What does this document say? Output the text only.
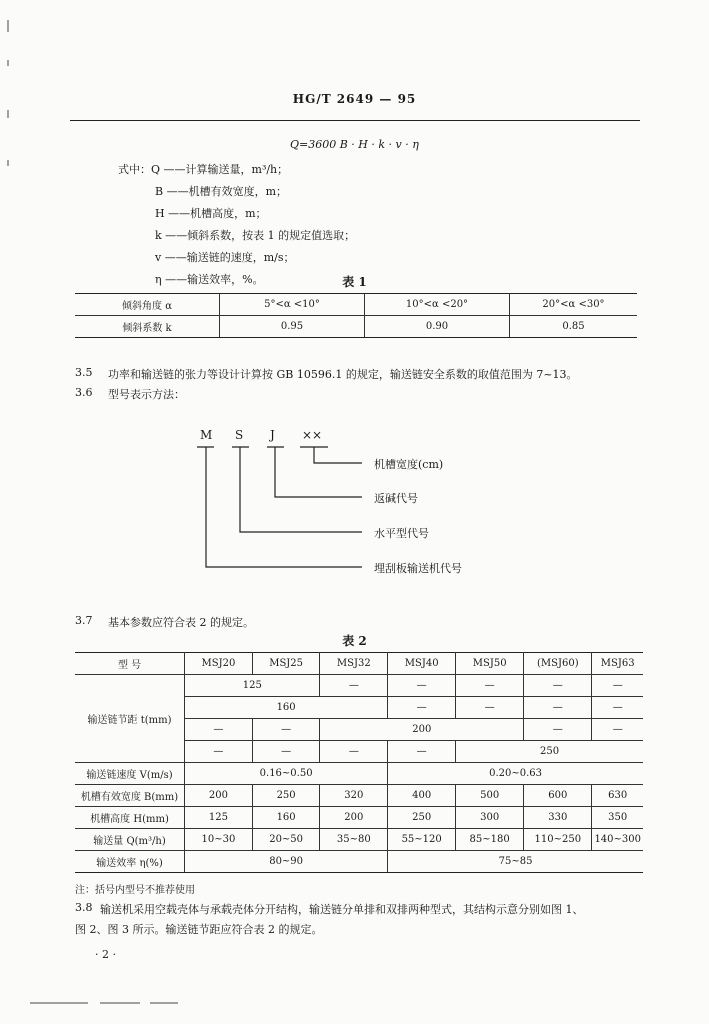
HG/T 2649 — 95
Q=3600 B · H · k · v · η
式中：Q ——计算输送量，m³/h；
B ——机槽有效宽度，m；
H ——机槽高度，m；
k ——倾斜系数，按表 1 的规定值选取；
v ——输送链的速度，m/s；
η ——输送效率，%。	表 1
倾斜角度 α	5°<α <10°	10°<α <20°	20°<α <30°
倾斜系数 k	0.95	0.90	0.85
3.5 功率和输送链的张力等设计计算按 GB 10596.1 的规定，输送链安全系数的取值范围为 7~13。
3.6 型号表示方法：
M S J ××
机槽宽度(cm)
返碱代号
水平型代号
埋刮板输送机代号
3.7 基本参数应符合表 2 的规定。
表 2
型 号	MSJ20	MSJ25	MSJ32	MSJ40	MSJ50	(MSJ60)	MSJ63
输送链节距 t(mm)	125		—	—	—	—	—
	160			—	—	—	—
	—	—	200			—	—
	—	—	—	—	250		
输送链速度 V(m/s)	0.16~0.50			0.20~0.63			
机槽有效宽度 B(mm)	200	250	320	400	500	600	630
机槽高度 H(mm)	125	160	200	250	300	330	350
输送量 Q(m³/h)	10~30	20~50	35~80	55~120	85~180	110~250	140~300
输送效率 η(%)	80~90			75~85			
注：括号内型号不推荐使用
3.8 输送机采用空载壳体与承载壳体分开结构，输送链分单排和双排两种型式，其结构示意分别如图 1、
图 2、图 3 所示。输送链节距应符合表 2 的规定。
· 2 ·
